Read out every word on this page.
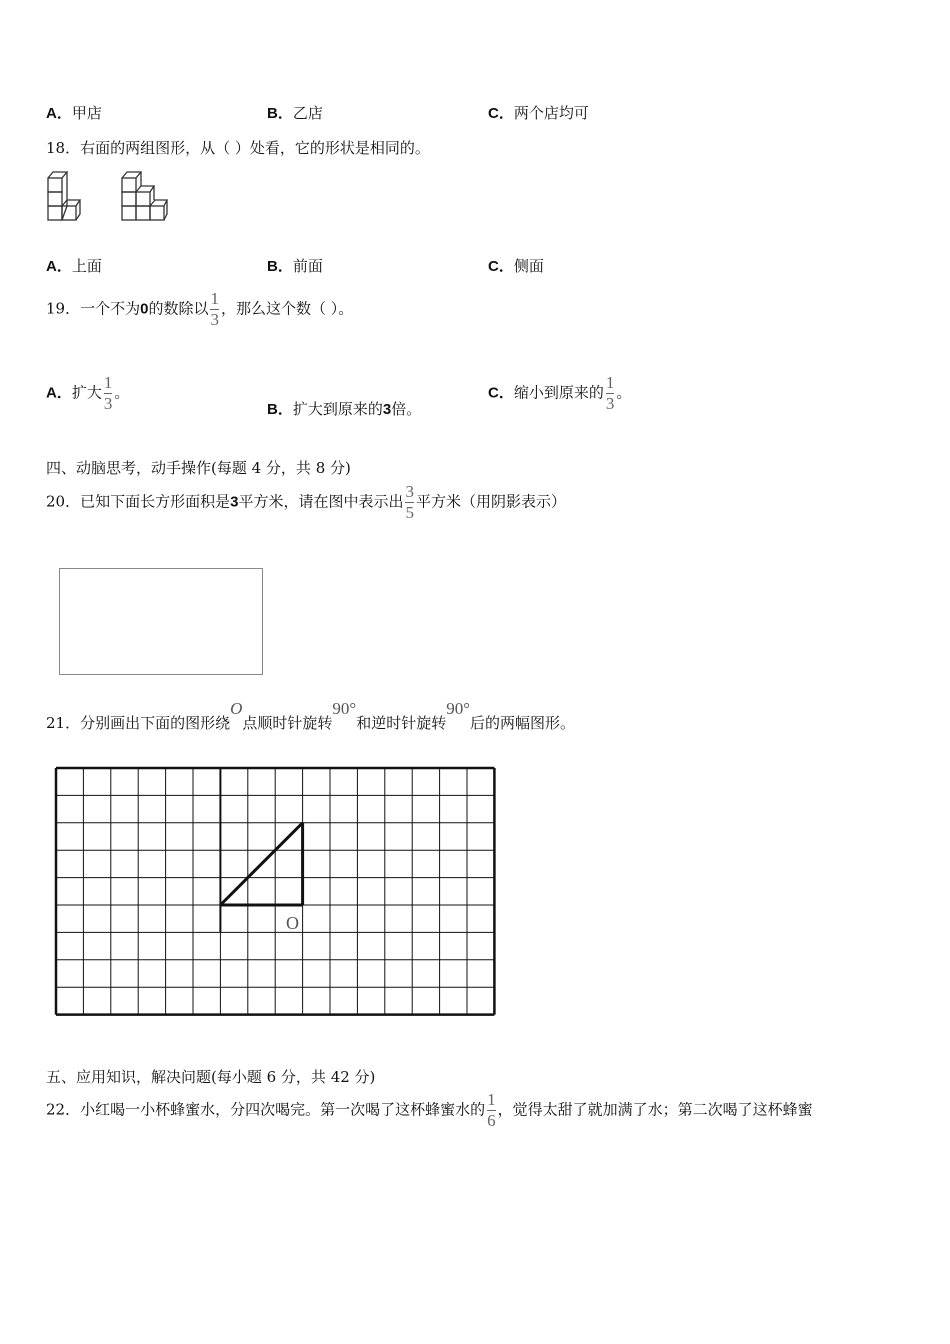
A．甲店	B．乙店	C．两个店均可
18．右面的两组图形，从（ ）处看，它的形状是相同的。
A．上面	B．前面	C．侧面
19．一个不为0的数除以 $\frac{1}{3}$ ，那么这个数（ ）。
A．扩大 $\frac{1}{3}$ 。
B．扩大到原来的3倍。
C．缩小到原来的 $\frac{1}{3}$ 。
四、动脑思考，动手操作(每题 4 分，共 8 分)
20．已知下面长方形面积是3平方米，请在图中表示出 $\frac{3}{5}$ 平方米（用阴影表示）
21．分别画出下面的图形绕O点顺时针旋转90°和逆时针旋转90°后的两幅图形。
O
五、应用知识，解决问题(每小题 6 分，共 42 分)
22．小红喝一小杯蜂蜜水，分四次喝完。第一次喝了这杯蜂蜜水的 $\frac{1}{6}$ ，觉得太甜了就加满了水；第二次喝了这杯蜂蜜
